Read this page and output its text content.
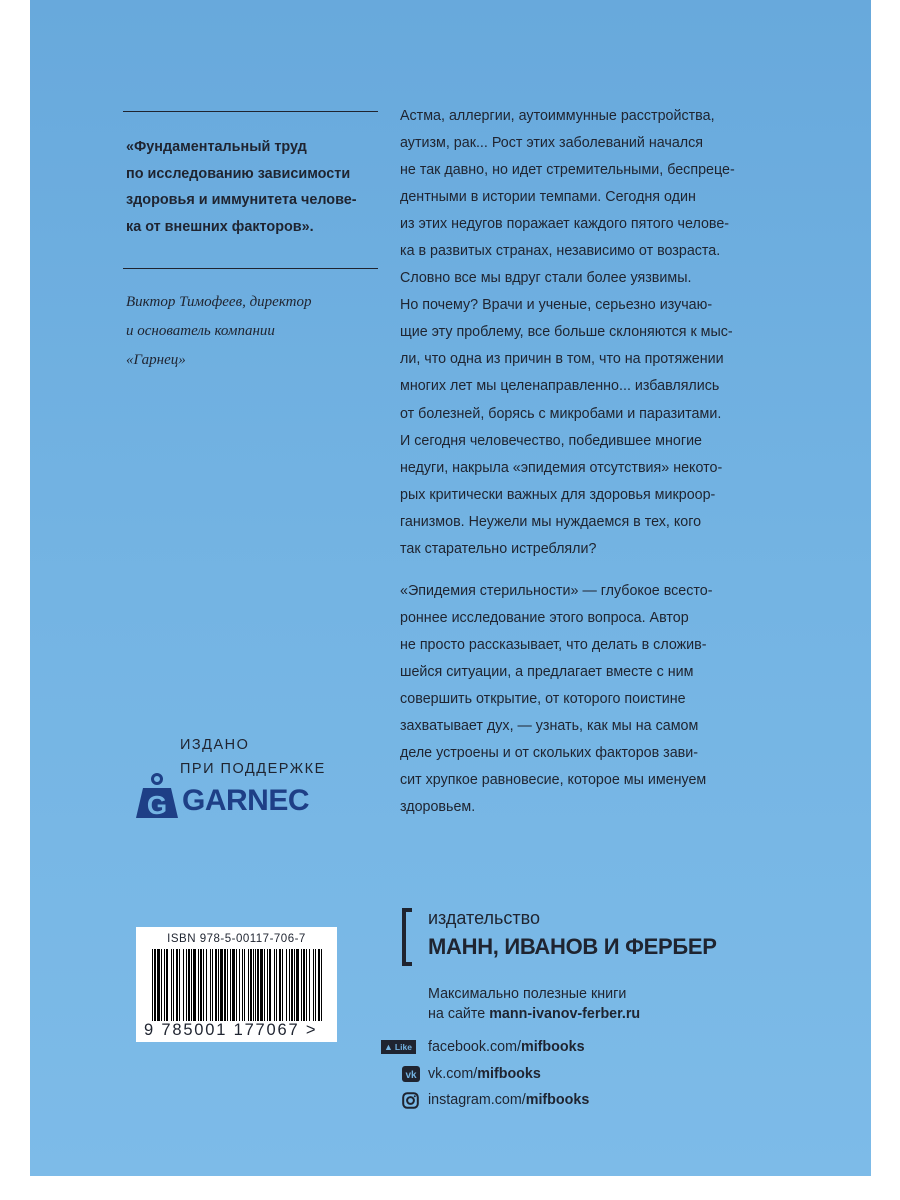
«Фундаментальный труд
по исследованию зависимости
здоровья и иммунитета челове-
ка от внешних факторов».

Виктор Тимофеев, директор
и основатель компании
«Гарнец»

Астма, аллергии, аутоиммунные расстройства,
аутизм, рак... Рост этих заболеваний начался
не так давно, но идет стремительными, беспреце-
дентными в истории темпами. Сегодня один
из этих недугов поражает каждого пятого челове-
ка в развитых странах, независимо от возраста.
Словно все мы вдруг стали более уязвимы.
Но почему? Врачи и ученые, серьезно изучаю-
щие эту проблему, все больше склоняются к мыс-
ли, что одна из причин в том, что на протяжении
многих лет мы целенаправленно... избавлялись
от болезней, борясь с микробами и паразитами.
И сегодня человечество, победившее многие
недуги, накрыла «эпидемия отсутствия» некото-
рых критически важных для здоровья микроор-
ганизмов. Неужели мы нуждаемся в тех, кого
так старательно истребляли?

«Эпидемия стерильности» — глубокое всесто-
роннее исследование этого вопроса. Автор
не просто рассказывает, что делать в сложив-
шейся ситуации, а предлагает вместе с ним
совершить открытие, от которого поистине
захватывает дух, — узнать, как мы на самом
деле устроены и от скольких факторов зави-
сит хрупкое равновесие, которое мы именуем
здоровьем.

ИЗДАНО
ПРИ ПОДДЕРЖКЕ
G GARNEC
ISBN 978-5-00117-706-7
9 785001 177067 >
издательство
МАНН, ИВАНОВ И ФЕРБЕР
Максимально полезные книги
на сайте mann-ivanov-ferber.ru
▲ Like facebook.com/mifbooks
vk vk.com/mifbooks
instagram.com/mifbooks
